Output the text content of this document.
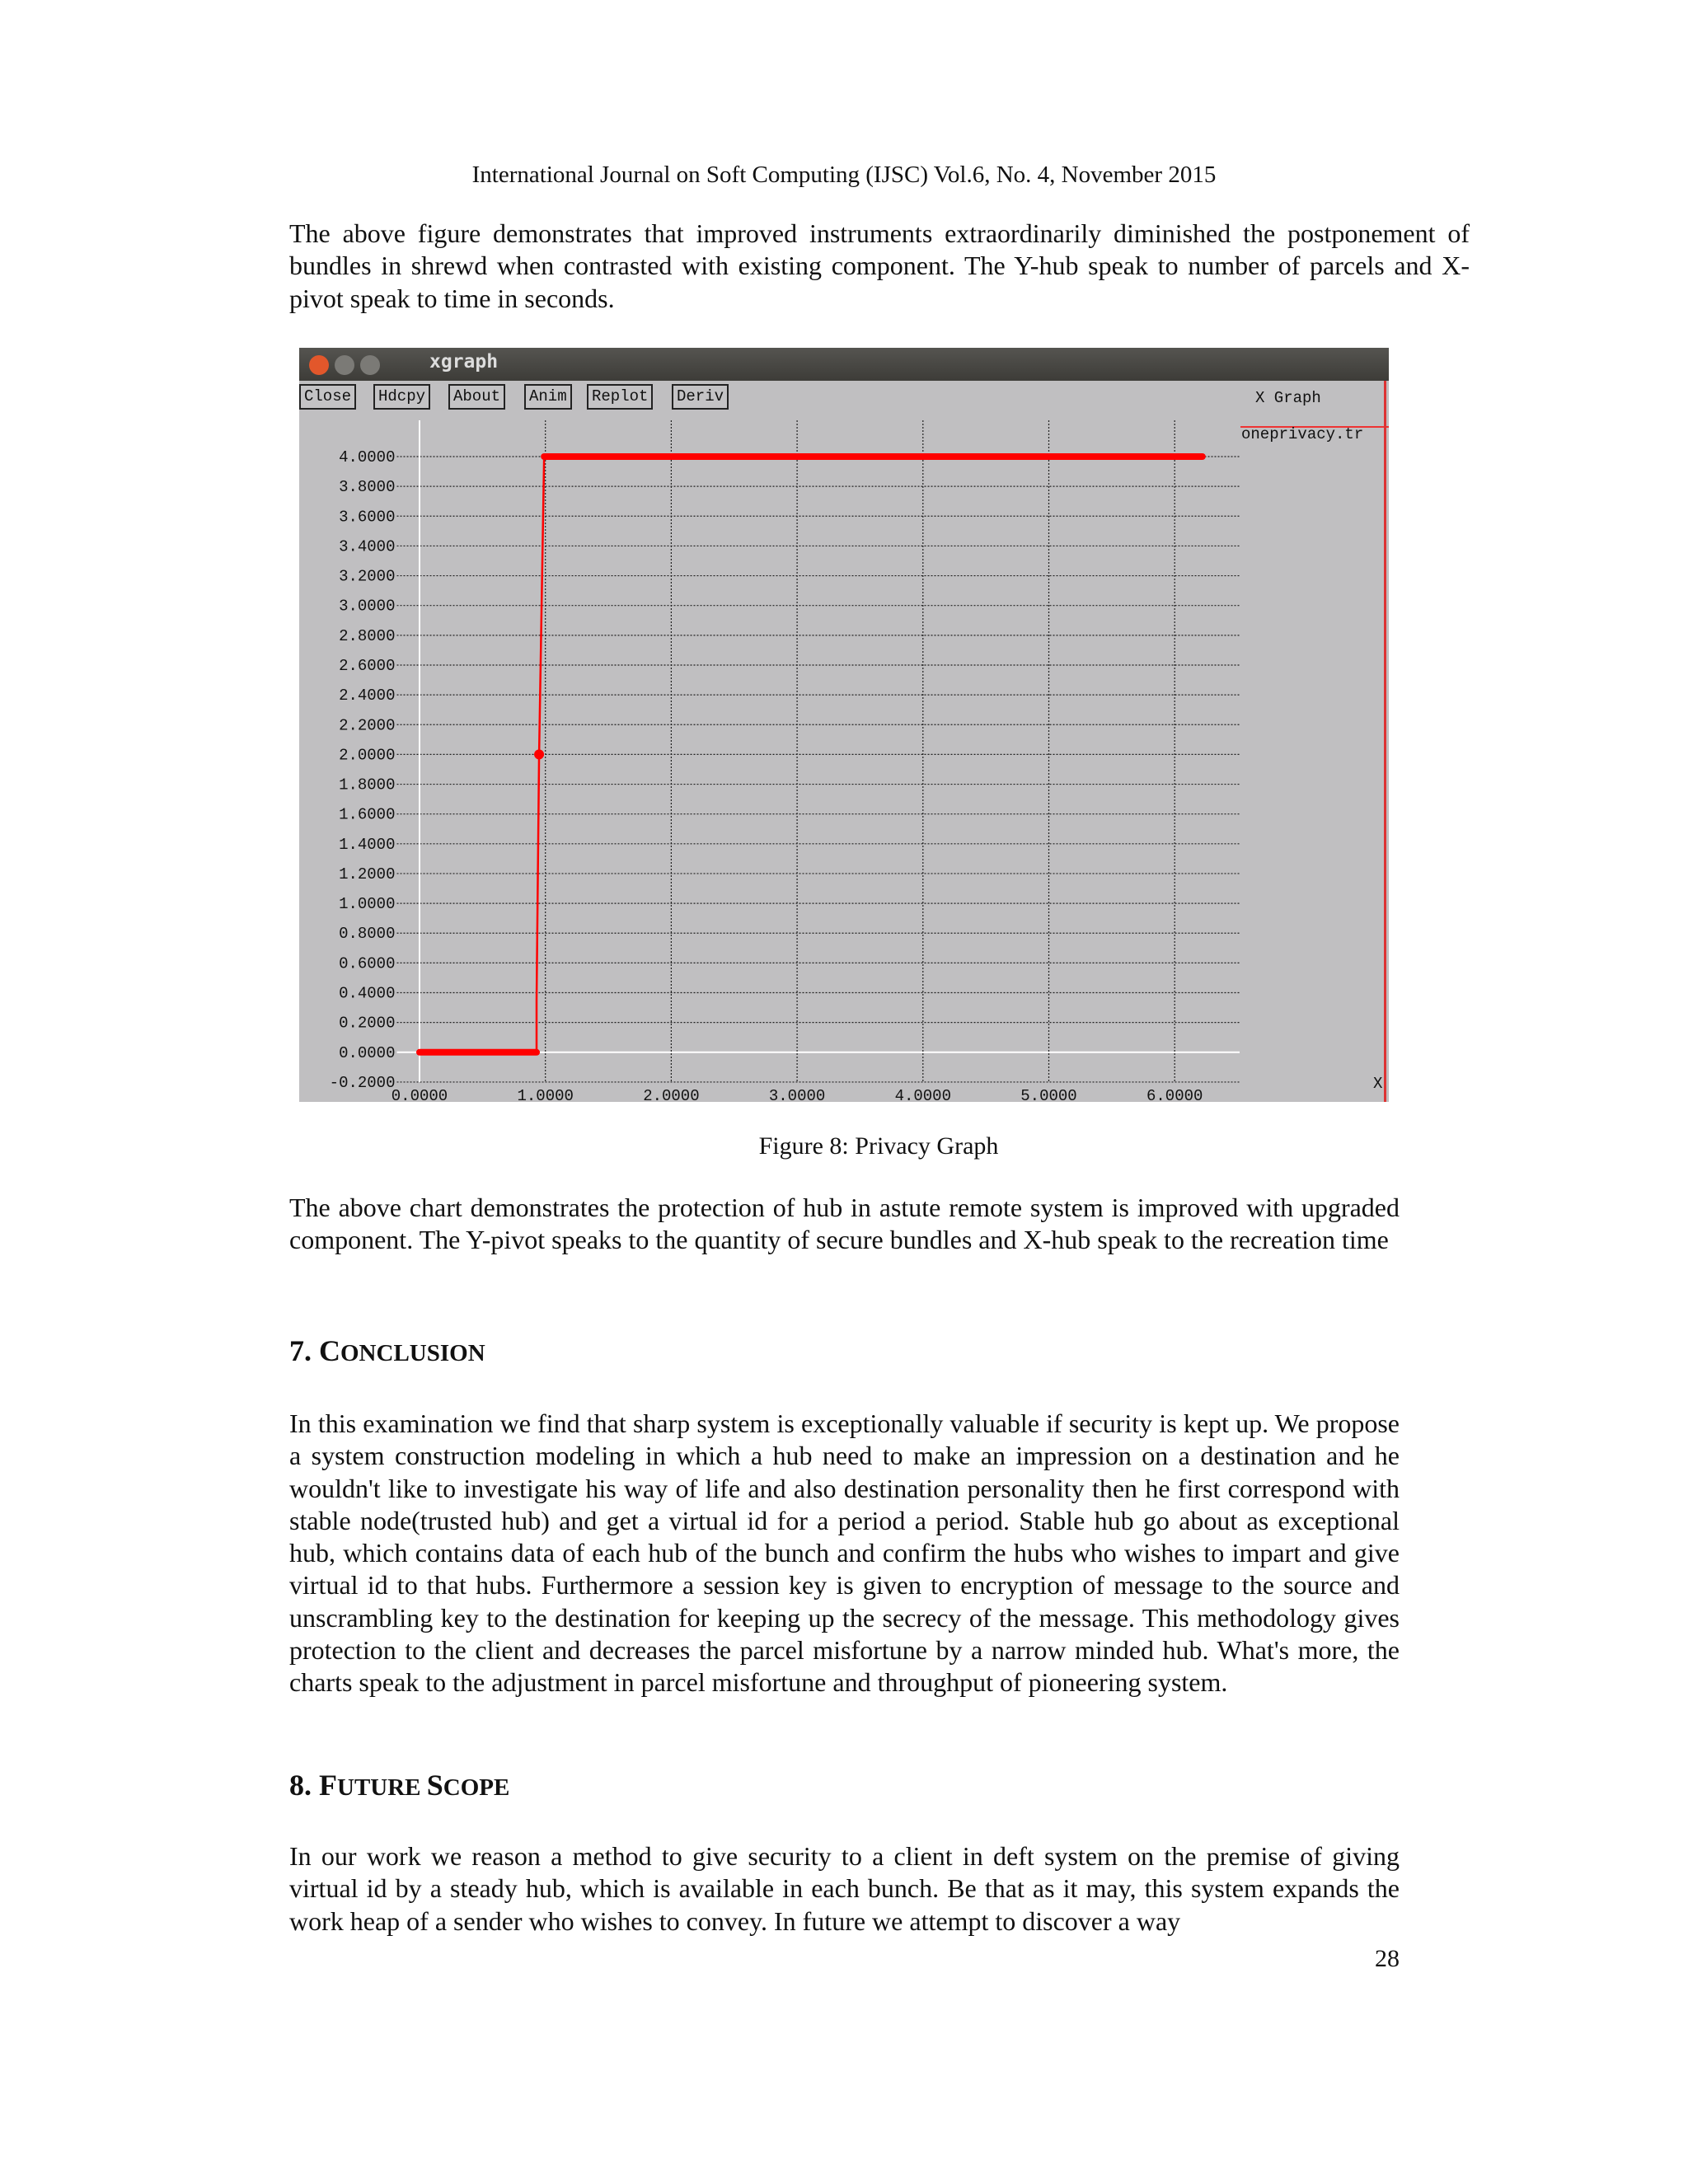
International Journal on Soft Computing (IJSC) Vol.6, No. 4, November 2015

The above figure demonstrates that improved instruments extraordinarily diminished the postponement of bundles in shrewd when contrasted with existing component. The Y-hub speak to number of parcels and X-pivot speak to time in seconds.

xgraph
Close	Hdcpy	About	Anim	Replot	Deriv	X Graph
oneprivacy.tr
X
-0.2000
0.0000
0.2000
0.4000
0.6000
0.8000
1.0000
1.2000
1.4000
1.6000
1.8000
2.0000
2.2000
2.4000
2.6000
2.8000
3.0000
3.2000
3.4000
3.6000
3.8000
4.0000
0.0000	1.0000	2.0000	3.0000	4.0000	5.0000	6.0000
Figure 8: Privacy Graph

The above chart demonstrates the protection of hub in astute remote system is improved with upgraded component. The Y-pivot speaks to the quantity of secure bundles and X-hub speak to the recreation time

7. CONCLUSION

In this examination we find that sharp system is exceptionally valuable if security is kept up. We propose a system construction modeling in which a hub need to make an impression on a destination and he wouldn't like to investigate his way of life and also destination personality then he first correspond with stable node(trusted hub) and get a virtual id for a period a period. Stable hub go about as exceptional hub, which contains data of each hub of the bunch and confirm the hubs who wishes to impart and give virtual id to that hubs. Furthermore a session key is given to encryption of message to the source and unscrambling key to the destination for keeping up the secrecy of the message. This methodology gives protection to the client and decreases the parcel misfortune by a narrow minded hub. What's more, the charts speak to the adjustment in parcel misfortune and throughput of pioneering system.

8. FUTURE SCOPE

In our work we reason a method to give security to a client in deft system on the premise of giving virtual id by a steady hub, which is available in each bunch. Be that as it may, this system expands the work heap of a sender who wishes to convey. In future we attempt to discover a way

28
